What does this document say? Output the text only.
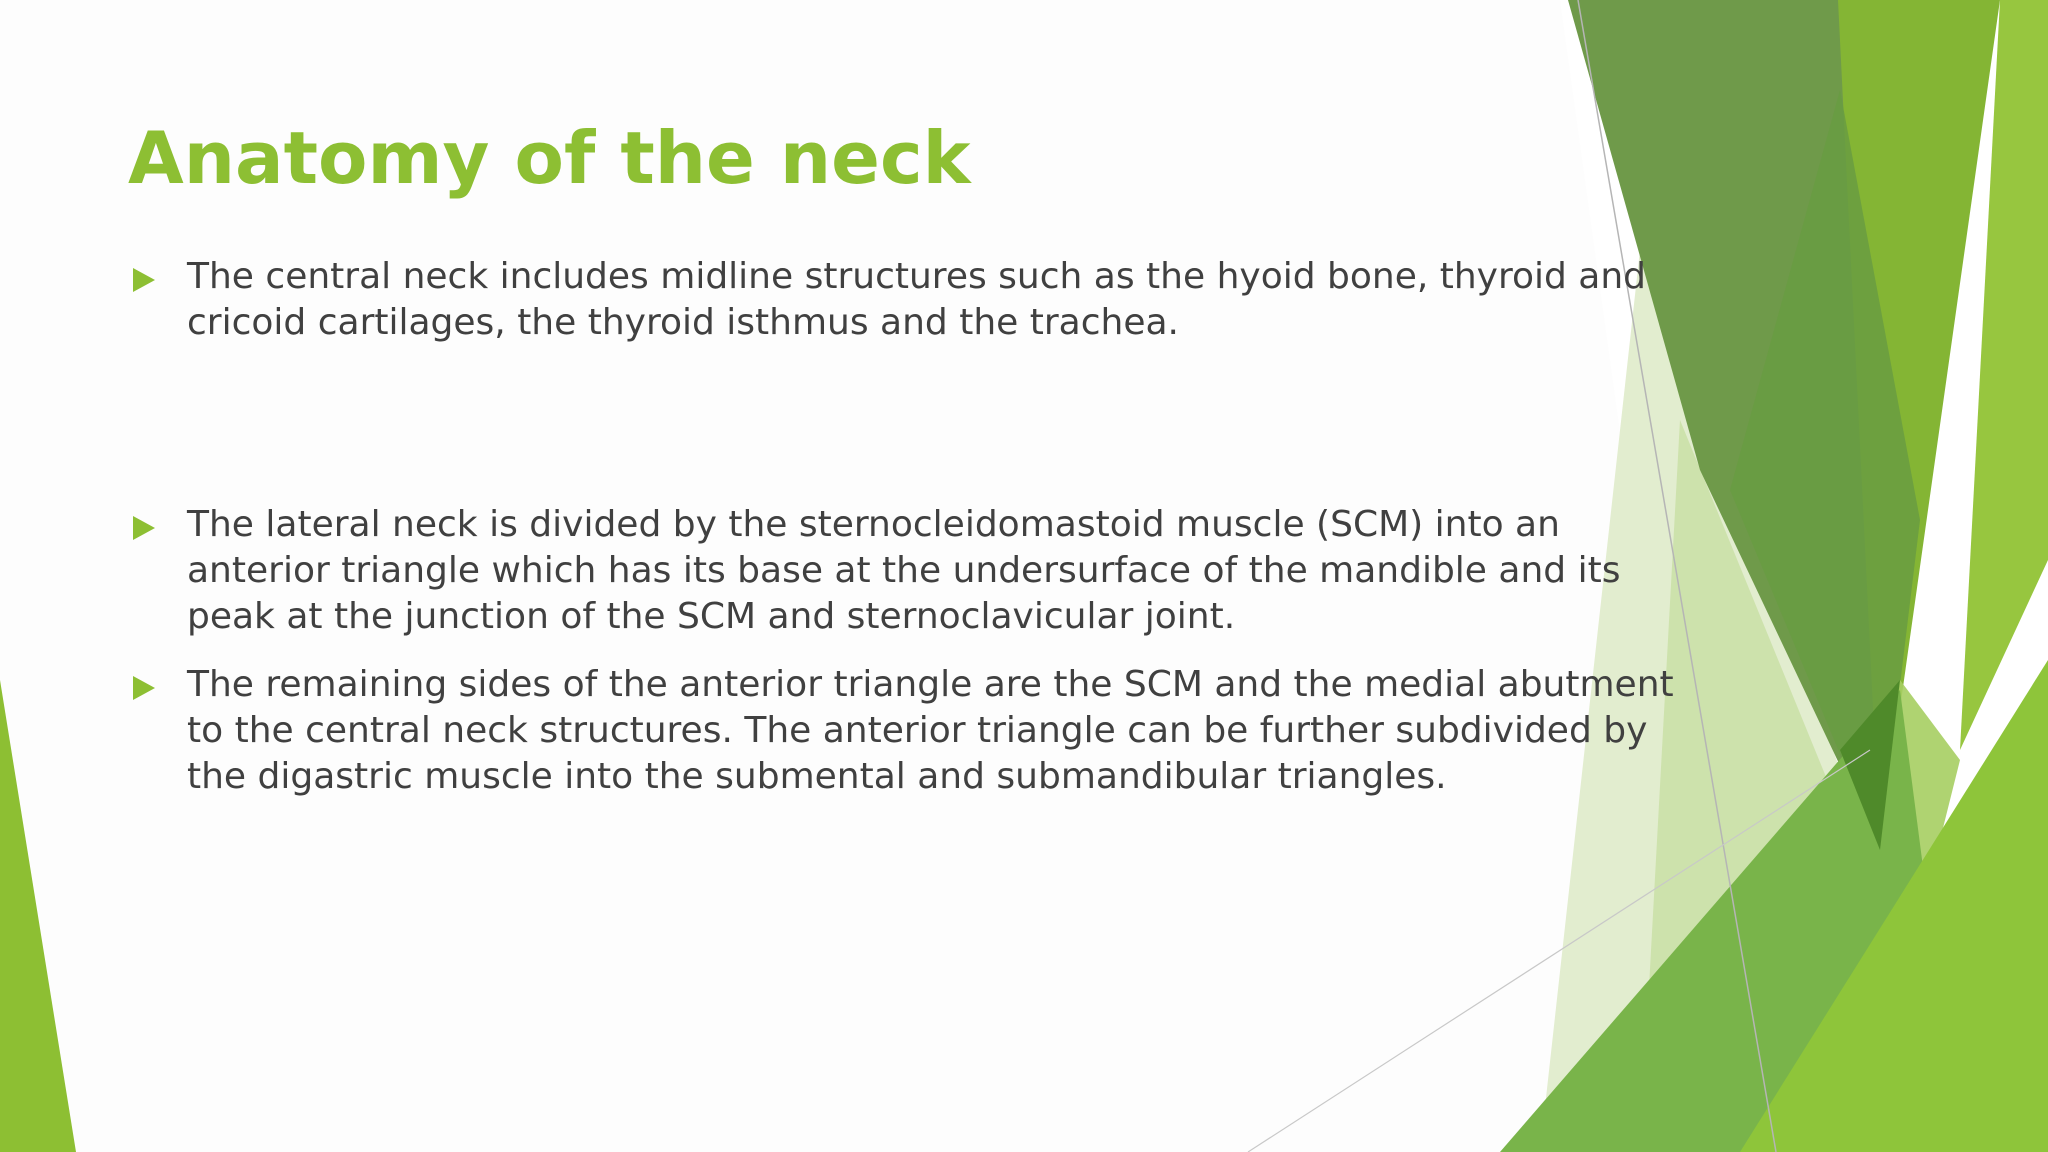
Anatomy of the neck
The central neck includes midline structures such as the hyoid bone, thyroid and cricoid cartilages, the thyroid isthmus and the trachea.
The lateral neck is divided by the sternocleidomastoid muscle (SCM) into an anterior triangle which has its base at the undersurface of the mandible and its peak at the junction of the SCM and sternoclavicular joint.
The remaining sides of the anterior triangle are the SCM and the medial abutment to the central neck structures. The anterior triangle can be further subdivided by the digastric muscle into the submental and submandibular triangles.
